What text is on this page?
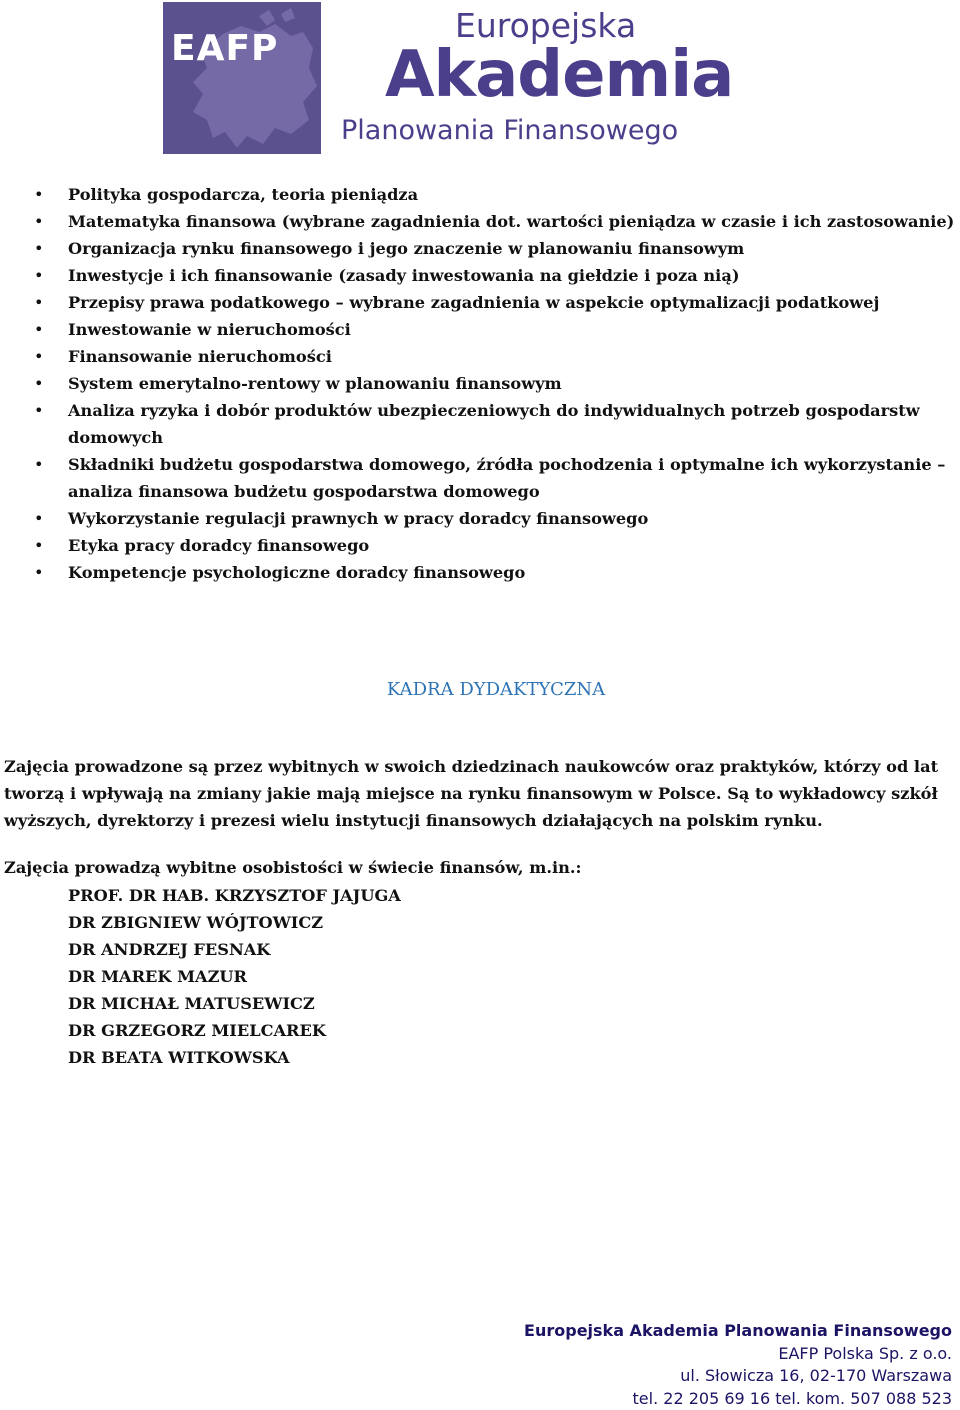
EAFP
Europejska
Akademia
Planowania Finansowego
• Polityka gospodarcza, teoria pieniądza
• Matematyka finansowa (wybrane zagadnienia dot. wartości pieniądza w czasie i ich zastosowanie)
• Organizacja rynku finansowego i jego znaczenie w planowaniu finansowym
• Inwestycje i ich finansowanie (zasady inwestowania na giełdzie i poza nią)
• Przepisy prawa podatkowego – wybrane zagadnienia w aspekcie optymalizacji podatkowej
• Inwestowanie w nieruchomości
• Finansowanie nieruchomości
• System emerytalno-rentowy w planowaniu finansowym
• Analiza ryzyka i dobór produktów ubezpieczeniowych do indywidualnych potrzeb gospodarstw domowych
• Składniki budżetu gospodarstwa domowego, źródła pochodzenia i optymalne ich wykorzystanie – analiza finansowa budżetu gospodarstwa domowego
• Wykorzystanie regulacji prawnych w pracy doradcy finansowego
• Etyka pracy doradcy finansowego
• Kompetencje psychologiczne doradcy finansowego
KADRA DYDAKTYCZNA

Zajęcia prowadzone są przez wybitnych w swoich dziedzinach naukowców oraz praktyków, którzy od lat tworzą i wpływają na zmiany jakie mają miejsce na rynku finansowym w Polsce. Są to wykładowcy szkół wyższych, dyrektorzy i prezesi wielu instytucji finansowych działających na polskim rynku.

Zajęcia prowadzą wybitne osobistości w świecie finansów, m.in.:

PROF. DR HAB. KRZYSZTOF JAJUGA
DR ZBIGNIEW WÓJTOWICZ
DR ANDRZEJ FESNAK
DR MAREK MAZUR
DR MICHAŁ MATUSEWICZ
DR GRZEGORZ MIELCAREK
DR BEATA WITKOWSKA
Europejska Akademia Planowania Finansowego
EAFP Polska Sp. z o.o.
ul. Słowicza 16, 02-170 Warszawa
tel. 22 205 69 16 tel. kom. 507 088 523
